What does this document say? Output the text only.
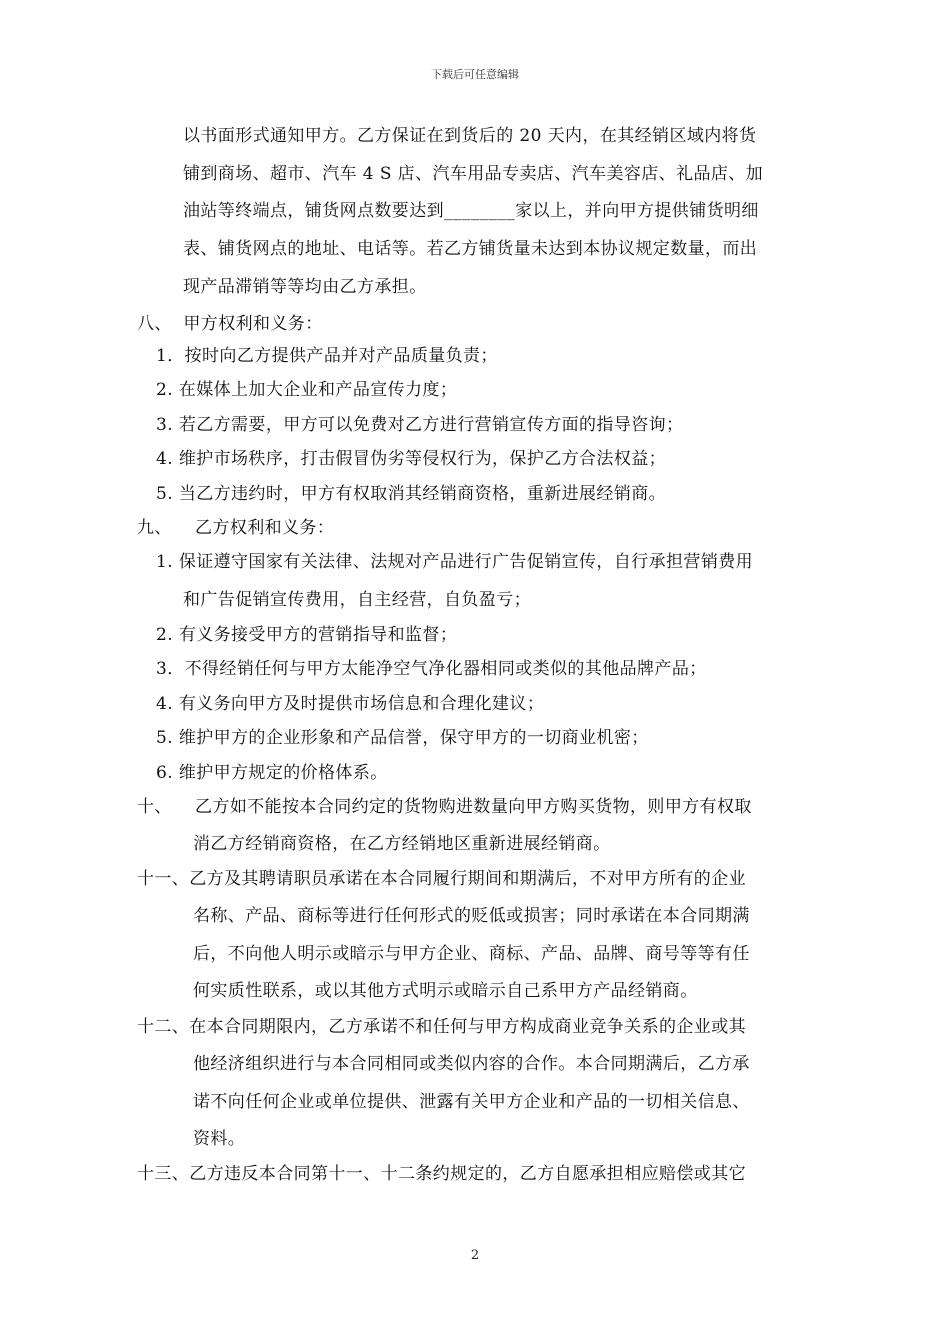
下载后可任意编辑
以书面形式通知甲方。乙方保证在到货后的 20 天内，在其经销区域内将货
铺到商场、超市、汽车 4 S 店、汽车用品专卖店、汽车美容店、礼品店、加
油站等终端点，铺货网点数要达到________家以上，并向甲方提供铺货明细
表、铺货网点的地址、电话等。若乙方铺货量未达到本协议规定数量，而出
现产品滞销等等均由乙方承担。
八、  甲方权利和义务：
1．按时向乙方提供产品并对产品质量负责；
2. 在媒体上加大企业和产品宣传力度；
3. 若乙方需要，甲方可以免费对乙方进行营销宣传方面的指导咨询；
4. 维护市场秩序，打击假冒伪劣等侵权行为，保护乙方合法权益；
5. 当乙方违约时，甲方有权取消其经销商资格，重新进展经销商。
九、    乙方权利和义务：
1. 保证遵守国家有关法律、法规对产品进行广告促销宣传，自行承担营销费用
和广告促销宣传费用，自主经营，自负盈亏；
2. 有义务接受甲方的营销指导和监督；
3．不得经销任何与甲方太能净空气净化器相同或类似的其他品牌产品；
4. 有义务向甲方及时提供市场信息和合理化建议；
5. 维护甲方的企业形象和产品信誉，保守甲方的一切商业机密；
6. 维护甲方规定的价格体系。
十、    乙方如不能按本合同约定的货物购进数量向甲方购买货物，则甲方有权取
消乙方经销商资格，在乙方经销地区重新进展经销商。
十一、乙方及其聘请职员承诺在本合同履行期间和期满后，不对甲方所有的企业
名称、产品、商标等进行任何形式的贬低或损害；同时承诺在本合同期满
后，不向他人明示或暗示与甲方企业、商标、产品、品牌、商号等等有任
何实质性联系，或以其他方式明示或暗示自己系甲方产品经销商。
十二、在本合同期限内，乙方承诺不和任何与甲方构成商业竞争关系的企业或其
他经济组织进行与本合同相同或类似内容的合作。本合同期满后，乙方承
诺不向任何企业或单位提供、泄露有关甲方企业和产品的一切相关信息、
资料。
十三、乙方违反本合同第十一、十二条约规定的，乙方自愿承担相应赔偿或其它
2
